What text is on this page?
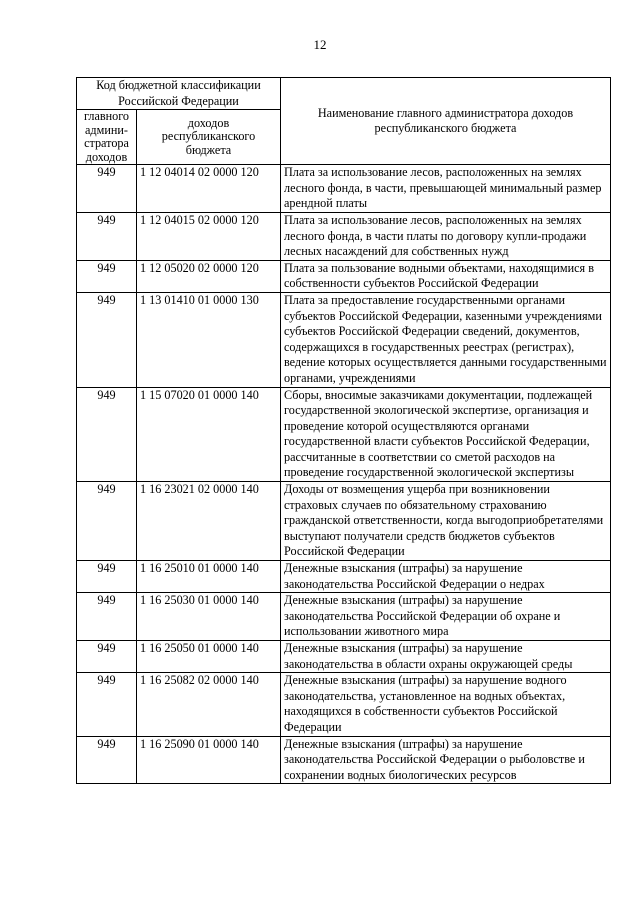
12
Код бюджетной классификации Российской Федерации		Наименование главного администратора доходов республиканского бюджета
главного админи-стратора доходов	доходов республиканского бюджета	
949	1 12 04014 02 0000 120	Плата за использование лесов, расположенных на землях лесного фонда, в части, превышающей минимальный размер арендной платы
949	1 12 04015 02 0000 120	Плата за использование лесов, расположенных на землях лесного фонда, в части платы по договору купли-продажи лесных насаждений для собственных нужд
949	1 12 05020 02 0000 120	Плата за пользование водными объектами, находящимися в собственности субъектов Российской Федерации
949	1 13 01410 01 0000 130	Плата за предоставление государственными органами субъектов Российской Федерации, казенными учреждениями субъектов Российской Федерации сведений, документов, содержащихся в государственных реестрах (регистрах), ведение которых осуществляется данными государственными органами, учреждениями
949	1 15 07020 01 0000 140	Сборы, вносимые заказчиками документации, подлежащей государственной экологической экспертизе, организация и проведение которой осуществляются органами государственной власти субъектов Российской Федерации, рассчитанные в соответствии со сметой расходов на проведение государственной экологической экспертизы
949	1 16 23021 02 0000 140	Доходы от возмещения ущерба при возникновении страховых случаев по обязательному страхованию гражданской ответственности, когда выгодоприобретателями выступают получатели средств бюджетов субъектов Российской Федерации
949	1 16 25010 01 0000 140	Денежные взыскания (штрафы) за нарушение законодательства Российской Федерации о недрах
949	1 16 25030 01 0000 140	Денежные взыскания (штрафы) за нарушение законодательства Российской Федерации об охране и использовании животного мира
949	1 16 25050 01 0000 140	Денежные взыскания (штрафы) за нарушение законодательства в области охраны окружающей среды
949	1 16 25082 02 0000 140	Денежные взыскания (штрафы) за нарушение водного законодательства, установленное на водных объектах, находящихся в собственности субъектов Российской Федерации
949	1 16 25090 01 0000 140	Денежные взыскания (штрафы) за нарушение законодательства Российской Федерации о рыболовстве и сохранении водных биологических ресурсов
